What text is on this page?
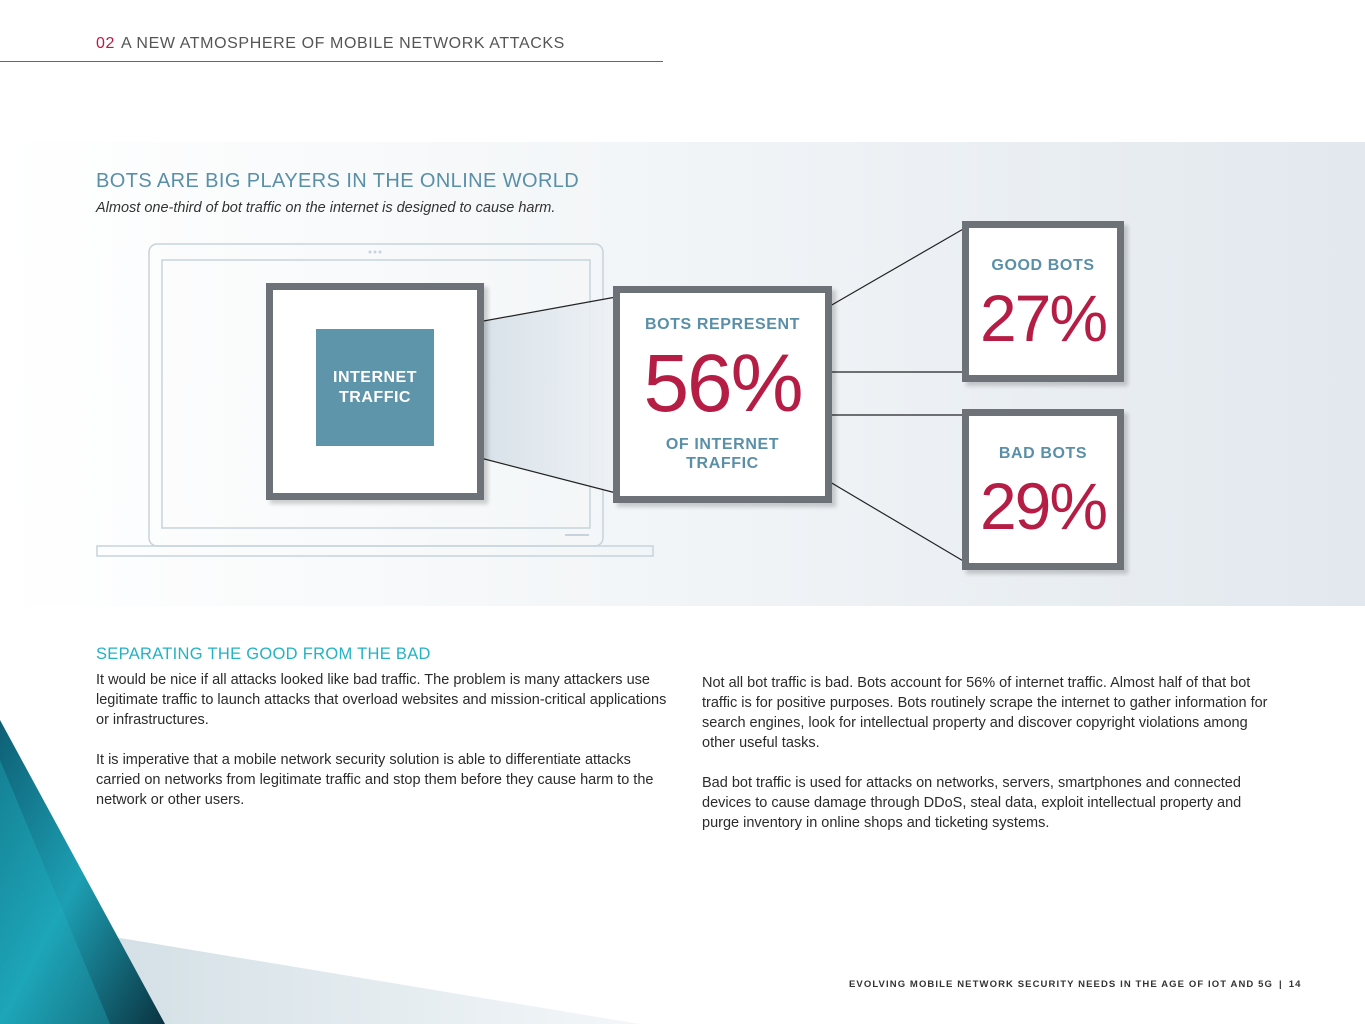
02 A NEW ATMOSPHERE OF MOBILE NETWORK ATTACKS
BOTS ARE BIG PLAYERS IN THE ONLINE WORLD
Almost one-third of bot traffic on the internet is designed to cause harm.
INTERNET TRAFFIC
BOTS REPRESENT
56%
OF INTERNET TRAFFIC
GOOD BOTS
27%
BAD BOTS
29%
SEPARATING THE GOOD FROM THE BAD

It would be nice if all attacks looked like bad traffic. The problem is many attackers use legitimate traffic to launch attacks that overload websites and mission-critical applications or infrastructures.

It is imperative that a mobile network security solution is able to differentiate attacks carried on networks from legitimate traffic and stop them before they cause harm to the network or other users.

Not all bot traffic is bad. Bots account for 56% of internet traffic. Almost half of that bot traffic is for positive purposes. Bots routinely scrape the internet to gather information for search engines, look for intellectual property and discover copyright violations among other useful tasks.

Bad bot traffic is used for attacks on networks, servers, smartphones and connected devices to cause damage through DDoS, steal data, exploit intellectual property and purge inventory in online shops and ticketing systems.

EVOLVING MOBILE NETWORK SECURITY NEEDS IN THE AGE OF IOT AND 5G | 14
